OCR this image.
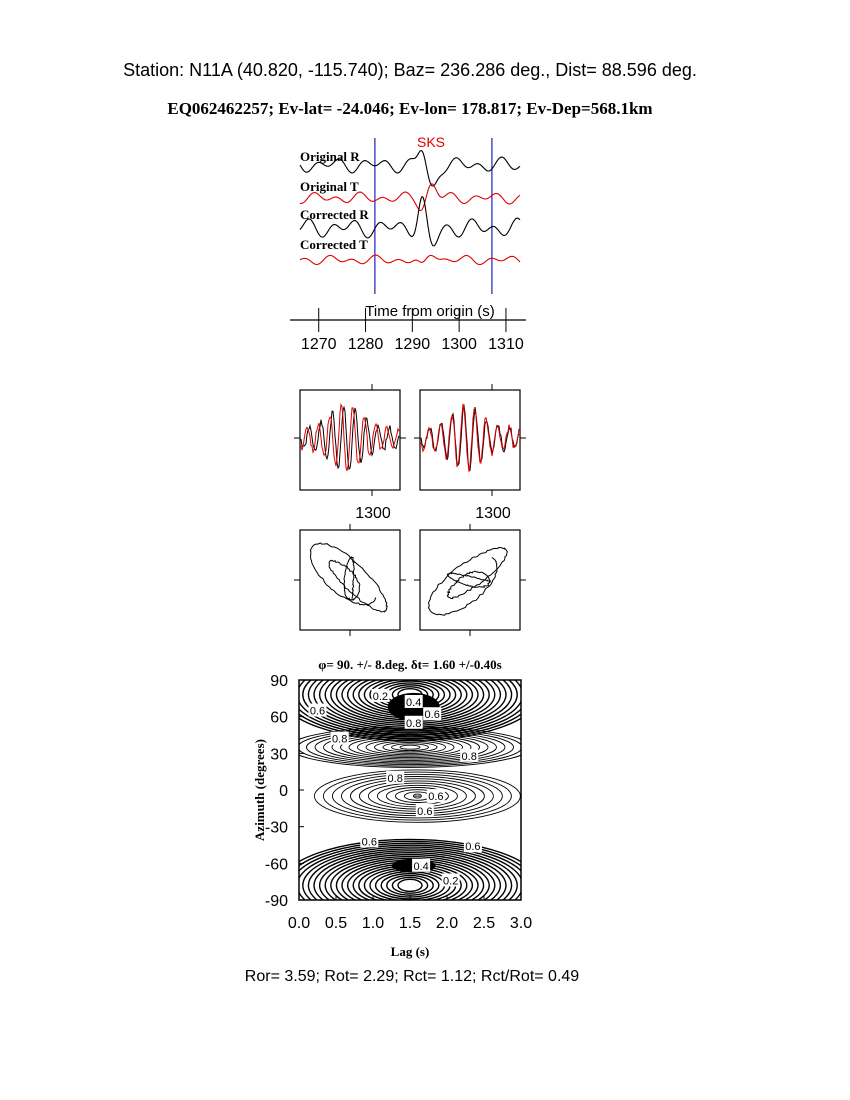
Station: N11A (40.820, -115.740); Baz= 236.286 deg., Dist= 88.596 deg.
EQ062462257; Ev-lat= -24.046; Ev-lon= 178.817; Ev-Dep=568.1km
SKS
Original R
Original T
Corrected R
Corrected T
Time from origin (s)
1270 1280 1290 1300 1310
1300	1300
φ= 90. +/- 8.deg. δt= 1.60 +/-0.40s
0.2
0.6
0.4
0.6
0.8
0.8
0.8
0.8
0.6
0.6
0.6	0.6
0.4
0.2
0.0 0.5 1.0 1.5 2.0 2.5 3.0
90
60
30
0
-30
-60
-90
Lag (s)
Azimuth (degrees)
Ror= 3.59; Rot= 2.29; Rct= 1.12; Rct/Rot= 0.49
